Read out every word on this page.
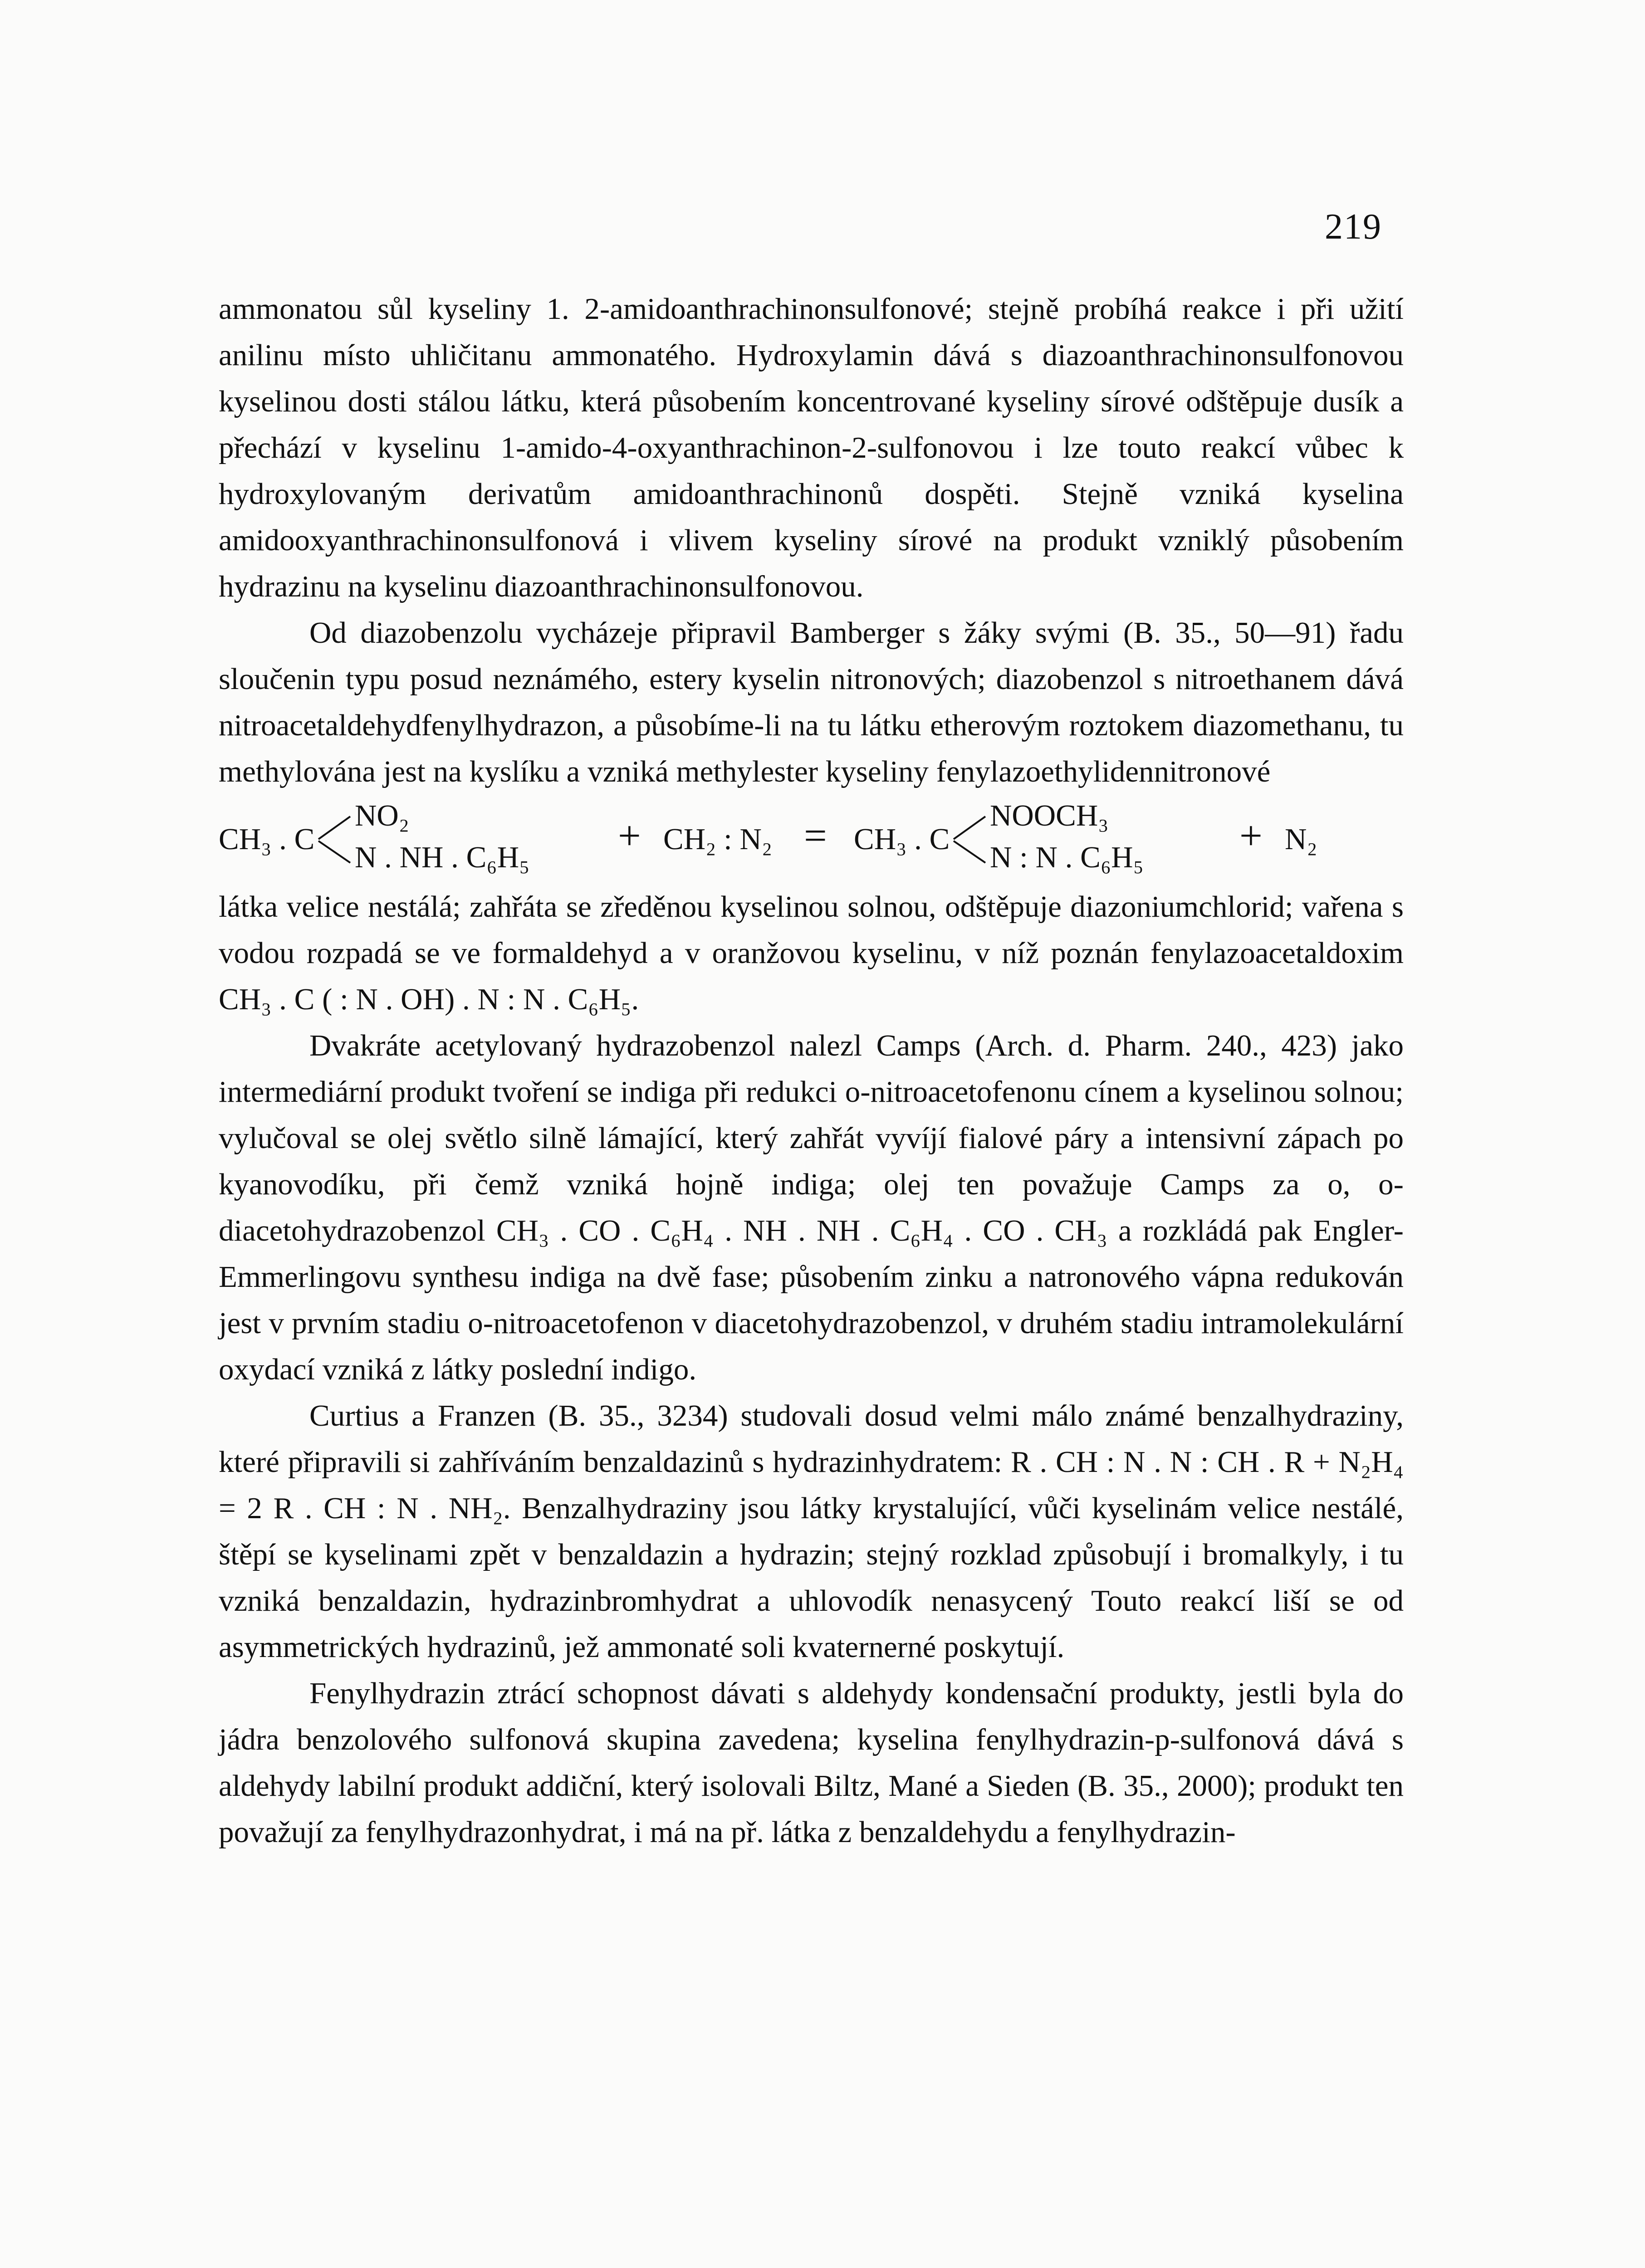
219

ammonatou sůl kyseliny 1. 2-amidoanthrachinonsulfonové; stejně probíhá reakce i při užití anilinu místo uhličitanu ammonatého. Hydroxylamin dává s diazoanthrachinonsulfonovou kyselinou dosti stálou látku, která působením koncentrované kyseliny sírové odštěpuje dusík a přechází v kyselinu 1-amido-4-oxyanthrachinon-2-sulfonovou i lze touto reakcí vůbec k hydroxylovaným derivatům amidoanthrachinonů dospěti. Stejně vzniká kyselina amidooxyanthrachinonsulfonová i vlivem kyseliny sírové na produkt vzniklý působením hydrazinu na kyselinu diazoanthrachinonsulfonovou.

Od diazobenzolu vycházeje připravil Bamberger s žáky svými (B. 35., 50—91) řadu sloučenin typu posud neznámého, estery kyselin nitronových; diazobenzol s nitroethanem dává nitroacetaldehydfenylhydrazon, a působíme-li na tu látku etherovým roztokem diazomethanu, tu methylována jest na kyslíku a vzniká methylester kyseliny fenylazoethylidennitronové

CH₃ . C
NO₂
N . NH . C₆H₅ + CH₂ : N₂ = CH₃ . C
NOOCH₃
N : N . C₆H₅ + N₂

látka velice nestálá; zahřáta se zředěnou kyselinou solnou, odštěpuje diazoniumchlorid; vařena s vodou rozpadá se ve formaldehyd a v oranžovou kyselinu, v níž poznán fenylazoacetaldoxim CH₃ . C ( : N . OH) . N : N . C₆H₅.

Dvakráte acetylovaný hydrazobenzol nalezl Camps (Arch. d. Pharm. 240., 423) jako intermediární produkt tvoření se indiga při redukci o-nitroacetofenonu cínem a kyselinou solnou; vylučoval se olej světlo silně lámající, který zahřát vyvíjí fialové páry a intensivní zápach po kyanovodíku, při čemž vzniká hojně indiga; olej ten považuje Camps za o, o-diacetohydrazobenzol CH₃ . CO . C₆H₄ . NH . NH . C₆H₄ . CO . CH₃ a rozkládá pak Engler-Emmerlingovu synthesu indiga na dvě fase; působením zinku a natronového vápna redukován jest v prvním stadiu o-nitroacetofenon v diacetohydrazobenzol, v druhém stadiu intramolekulární oxydací vzniká z látky poslední indigo.

Curtius a Franzen (B. 35., 3234) studovali dosud velmi málo známé benzalhydraziny, které připravili si zahříváním benzaldazinů s hydrazinhydratem: R . CH : N . N : CH . R + N₂H₄ = 2 R . CH : N . NH₂. Benzalhydraziny jsou látky krystalující, vůči kyselinám velice nestálé, štěpí se kyselinami zpět v benzaldazin a hydrazin; stejný rozklad způsobují i bromalkyly, i tu vzniká benzaldazin, hydrazinbromhydrat a uhlovodík nenasycený Touto reakcí liší se od asymmetrických hydrazinů, jež ammonaté soli kvaternerné poskytují.

Fenylhydrazin ztrácí schopnost dávati s aldehydy kondensační produkty, jestli byla do jádra benzolového sulfonová skupina zavedena; kyselina fenylhydrazin-p-sulfonová dává s aldehydy labilní produkt addiční, který isolovali Biltz, Mané a Sieden (B. 35., 2000); produkt ten považují za fenylhydrazonhydrat, i má na př. látka z benzaldehydu a fenylhydrazin-
